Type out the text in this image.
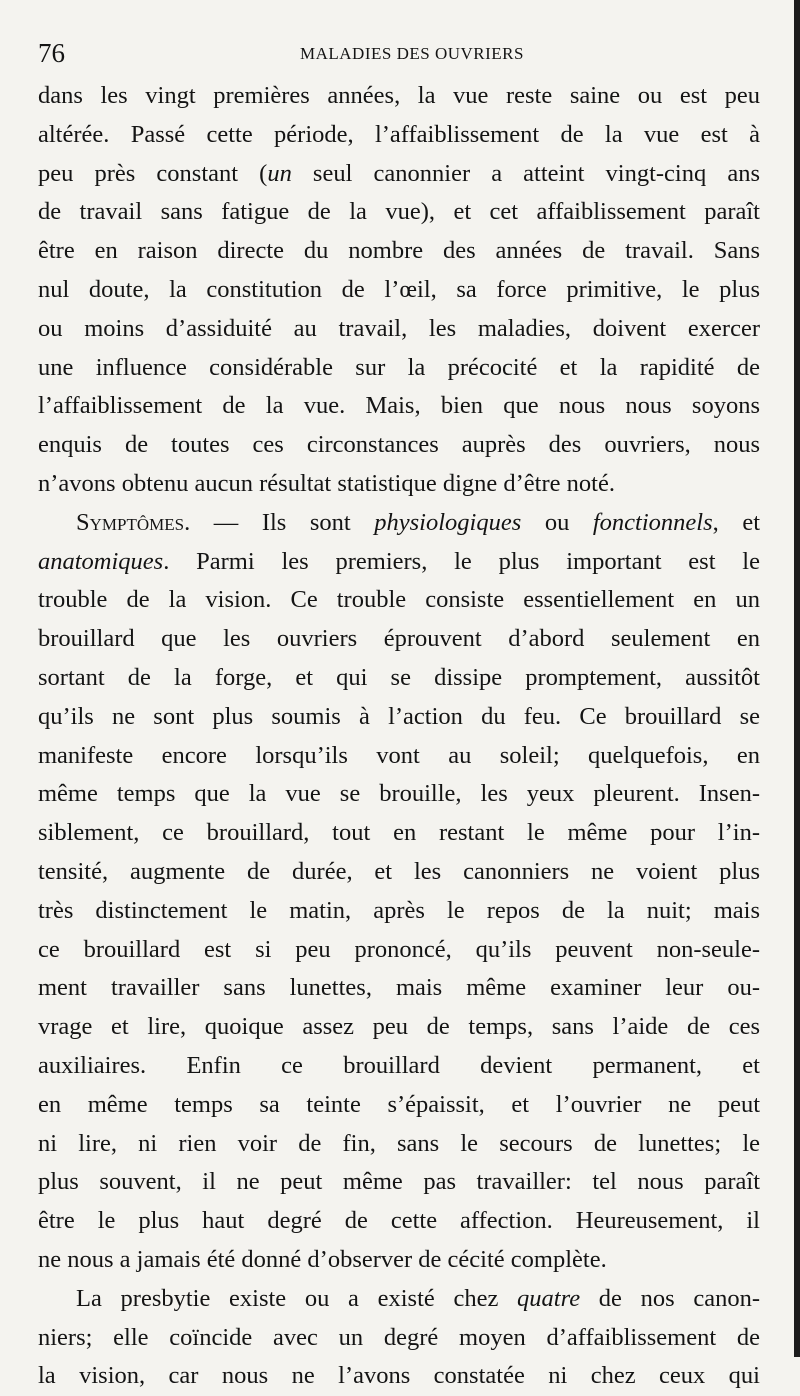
76	MALADIES DES OUVRIERS
dans les vingt premières années, la vue reste saine ou est peu
altérée. Passé cette période, l’affaiblissement de la vue est à
peu près constant (un seul canonnier a atteint vingt-cinq ans
de travail sans fatigue de la vue), et cet affaiblissement paraît
être en raison directe du nombre des années de travail. Sans
nul doute, la constitution de l’œil, sa force primitive, le plus
ou moins d’assiduité au travail, les maladies, doivent exercer
une influence considérable sur la précocité et la rapidité de
l’affaiblissement de la vue. Mais, bien que nous nous soyons
enquis de toutes ces circonstances auprès des ouvriers, nous
n’avons obtenu aucun résultat statistique digne d’être noté.
Symptômes. — Ils sont physiologiques ou fonctionnels, et
anatomiques. Parmi les premiers, le plus important est le
trouble de la vision. Ce trouble consiste essentiellement en un
brouillard que les ouvriers éprouvent d’abord seulement en
sortant de la forge, et qui se dissipe promptement, aussitôt
qu’ils ne sont plus soumis à l’action du feu. Ce brouillard se
manifeste encore lorsqu’ils vont au soleil; quelquefois, en
même temps que la vue se brouille, les yeux pleurent. Insen-
siblement, ce brouillard, tout en restant le même pour l’in-
tensité, augmente de durée, et les canonniers ne voient plus
très distinctement le matin, après le repos de la nuit; mais
ce brouillard est si peu prononcé, qu’ils peuvent non-seule-
ment travailler sans lunettes, mais même examiner leur ou-
vrage et lire, quoique assez peu de temps, sans l’aide de ces
auxiliaires. Enfin ce brouillard devient permanent, et
en même temps sa teinte s’épaissit, et l’ouvrier ne peut
ni lire, ni rien voir de fin, sans le secours de lunettes; le
plus souvent, il ne peut même pas travailler: tel nous paraît
être le plus haut degré de cette affection. Heureusement, il
ne nous a jamais été donné d’observer de cécité complète.
La presbytie existe ou a existé chez quatre de nos canon-
niers; elle coïncide avec un degré moyen d’affaiblissement de
la vision, car nous ne l’avons constatée ni chez ceux qui
